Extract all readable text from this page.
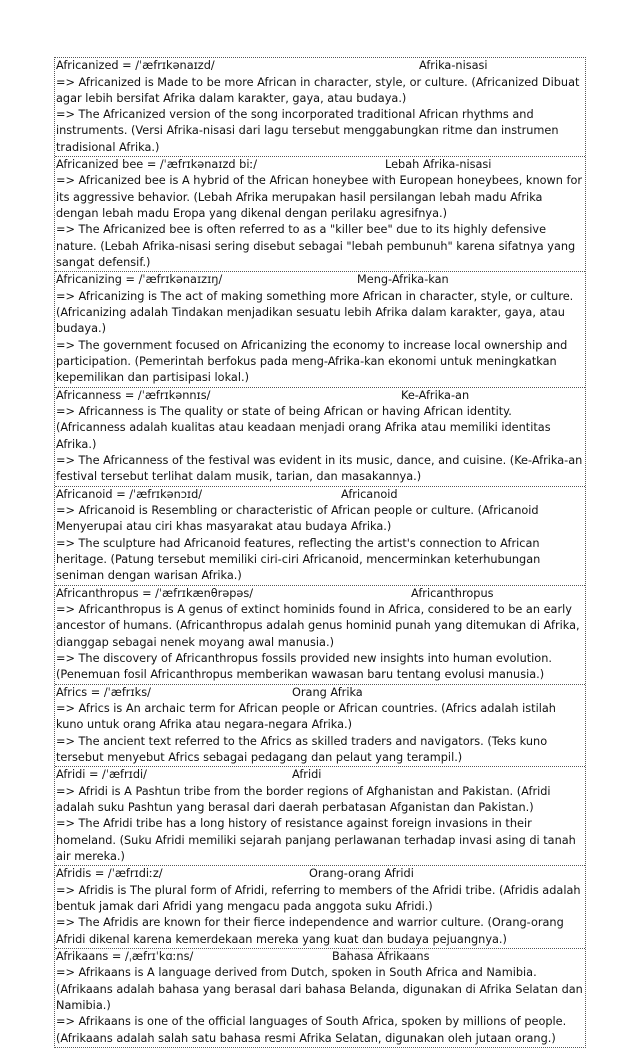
Africanized = /ˈæfrɪkənaɪzd/	Afrika-nisasi
=> Africanized is Made to be more African in character, style, or culture. (Africanized Dibuat agar lebih bersifat Afrika dalam karakter, gaya, atau budaya.)
=> The Africanized version of the song incorporated traditional African rhythms and instruments. (Versi Afrika-nisasi dari lagu tersebut menggabungkan ritme dan instrumen tradisional Afrika.)
Africanized bee = /ˈæfrɪkənaɪzd biː/	Lebah Afrika-nisasi
=> Africanized bee is A hybrid of the African honeybee with European honeybees, known for its aggressive behavior. (Lebah Afrika merupakan hasil persilangan lebah madu Afrika dengan lebah madu Eropa yang dikenal dengan perilaku agresifnya.)
=> The Africanized bee is often referred to as a "killer bee" due to its highly defensive nature. (Lebah Afrika-nisasi sering disebut sebagai "lebah pembunuh" karena sifatnya yang sangat defensif.)
Africanizing = /ˈæfrɪkənaɪzɪŋ/	Meng-Afrika-kan
=> Africanizing is The act of making something more African in character, style, or culture. (Africanizing adalah Tindakan menjadikan sesuatu lebih Afrika dalam karakter, gaya, atau budaya.)
=> The government focused on Africanizing the economy to increase local ownership and participation. (Pemerintah berfokus pada meng-Afrika-kan ekonomi untuk meningkatkan kepemilikan dan partisipasi lokal.)
Africanness = /ˈæfrɪkənnɪs/	Ke-Afrika-an
=> Africanness is The quality or state of being African or having African identity. (Africanness adalah kualitas atau keadaan menjadi orang Afrika atau memiliki identitas Afrika.)
=> The Africanness of the festival was evident in its music, dance, and cuisine. (Ke-Afrika-an festival tersebut terlihat dalam musik, tarian, dan masakannya.)
Africanoid = /ˈæfrɪkənɔɪd/	Africanoid
=> Africanoid is Resembling or characteristic of African people or culture. (Africanoid Menyerupai atau ciri khas masyarakat atau budaya Afrika.)
=> The sculpture had Africanoid features, reflecting the artist's connection to African heritage. (Patung tersebut memiliki ciri-ciri Africanoid, mencerminkan keterhubungan seniman dengan warisan Afrika.)
Africanthropus = /ˈæfrɪkænθrəpəs/	Africanthropus
=> Africanthropus is A genus of extinct hominids found in Africa, considered to be an early ancestor of humans. (Africanthropus adalah genus hominid punah yang ditemukan di Afrika, dianggap sebagai nenek moyang awal manusia.)
=> The discovery of Africanthropus fossils provided new insights into human evolution. (Penemuan fosil Africanthropus memberikan wawasan baru tentang evolusi manusia.)
Africs = /ˈæfrɪks/	Orang Afrika
=> Africs is An archaic term for African people or African countries. (Africs adalah istilah kuno untuk orang Afrika atau negara-negara Afrika.)
=> The ancient text referred to the Africs as skilled traders and navigators. (Teks kuno tersebut menyebut Africs sebagai pedagang dan pelaut yang terampil.)
Afridi = /ˈæfrɪdi/	Afridi
=> Afridi is A Pashtun tribe from the border regions of Afghanistan and Pakistan. (Afridi adalah suku Pashtun yang berasal dari daerah perbatasan Afganistan dan Pakistan.)
=> The Afridi tribe has a long history of resistance against foreign invasions in their homeland. (Suku Afridi memiliki sejarah panjang perlawanan terhadap invasi asing di tanah air mereka.)
Afridis = /ˈæfrɪdiːz/	Orang-orang Afridi
=> Afridis is The plural form of Afridi, referring to members of the Afridi tribe. (Afridis adalah bentuk jamak dari Afridi yang mengacu pada anggota suku Afridi.)
=> The Afridis are known for their fierce independence and warrior culture. (Orang-orang Afridi dikenal karena kemerdekaan mereka yang kuat dan budaya pejuangnya.)
Afrikaans = /ˌæfrɪˈkɑːns/	Bahasa Afrikaans
=> Afrikaans is A language derived from Dutch, spoken in South Africa and Namibia. (Afrikaans adalah bahasa yang berasal dari bahasa Belanda, digunakan di Afrika Selatan dan Namibia.)
=> Afrikaans is one of the official languages of South Africa, spoken by millions of people. (Afrikaans adalah salah satu bahasa resmi Afrika Selatan, digunakan oleh jutaan orang.)
